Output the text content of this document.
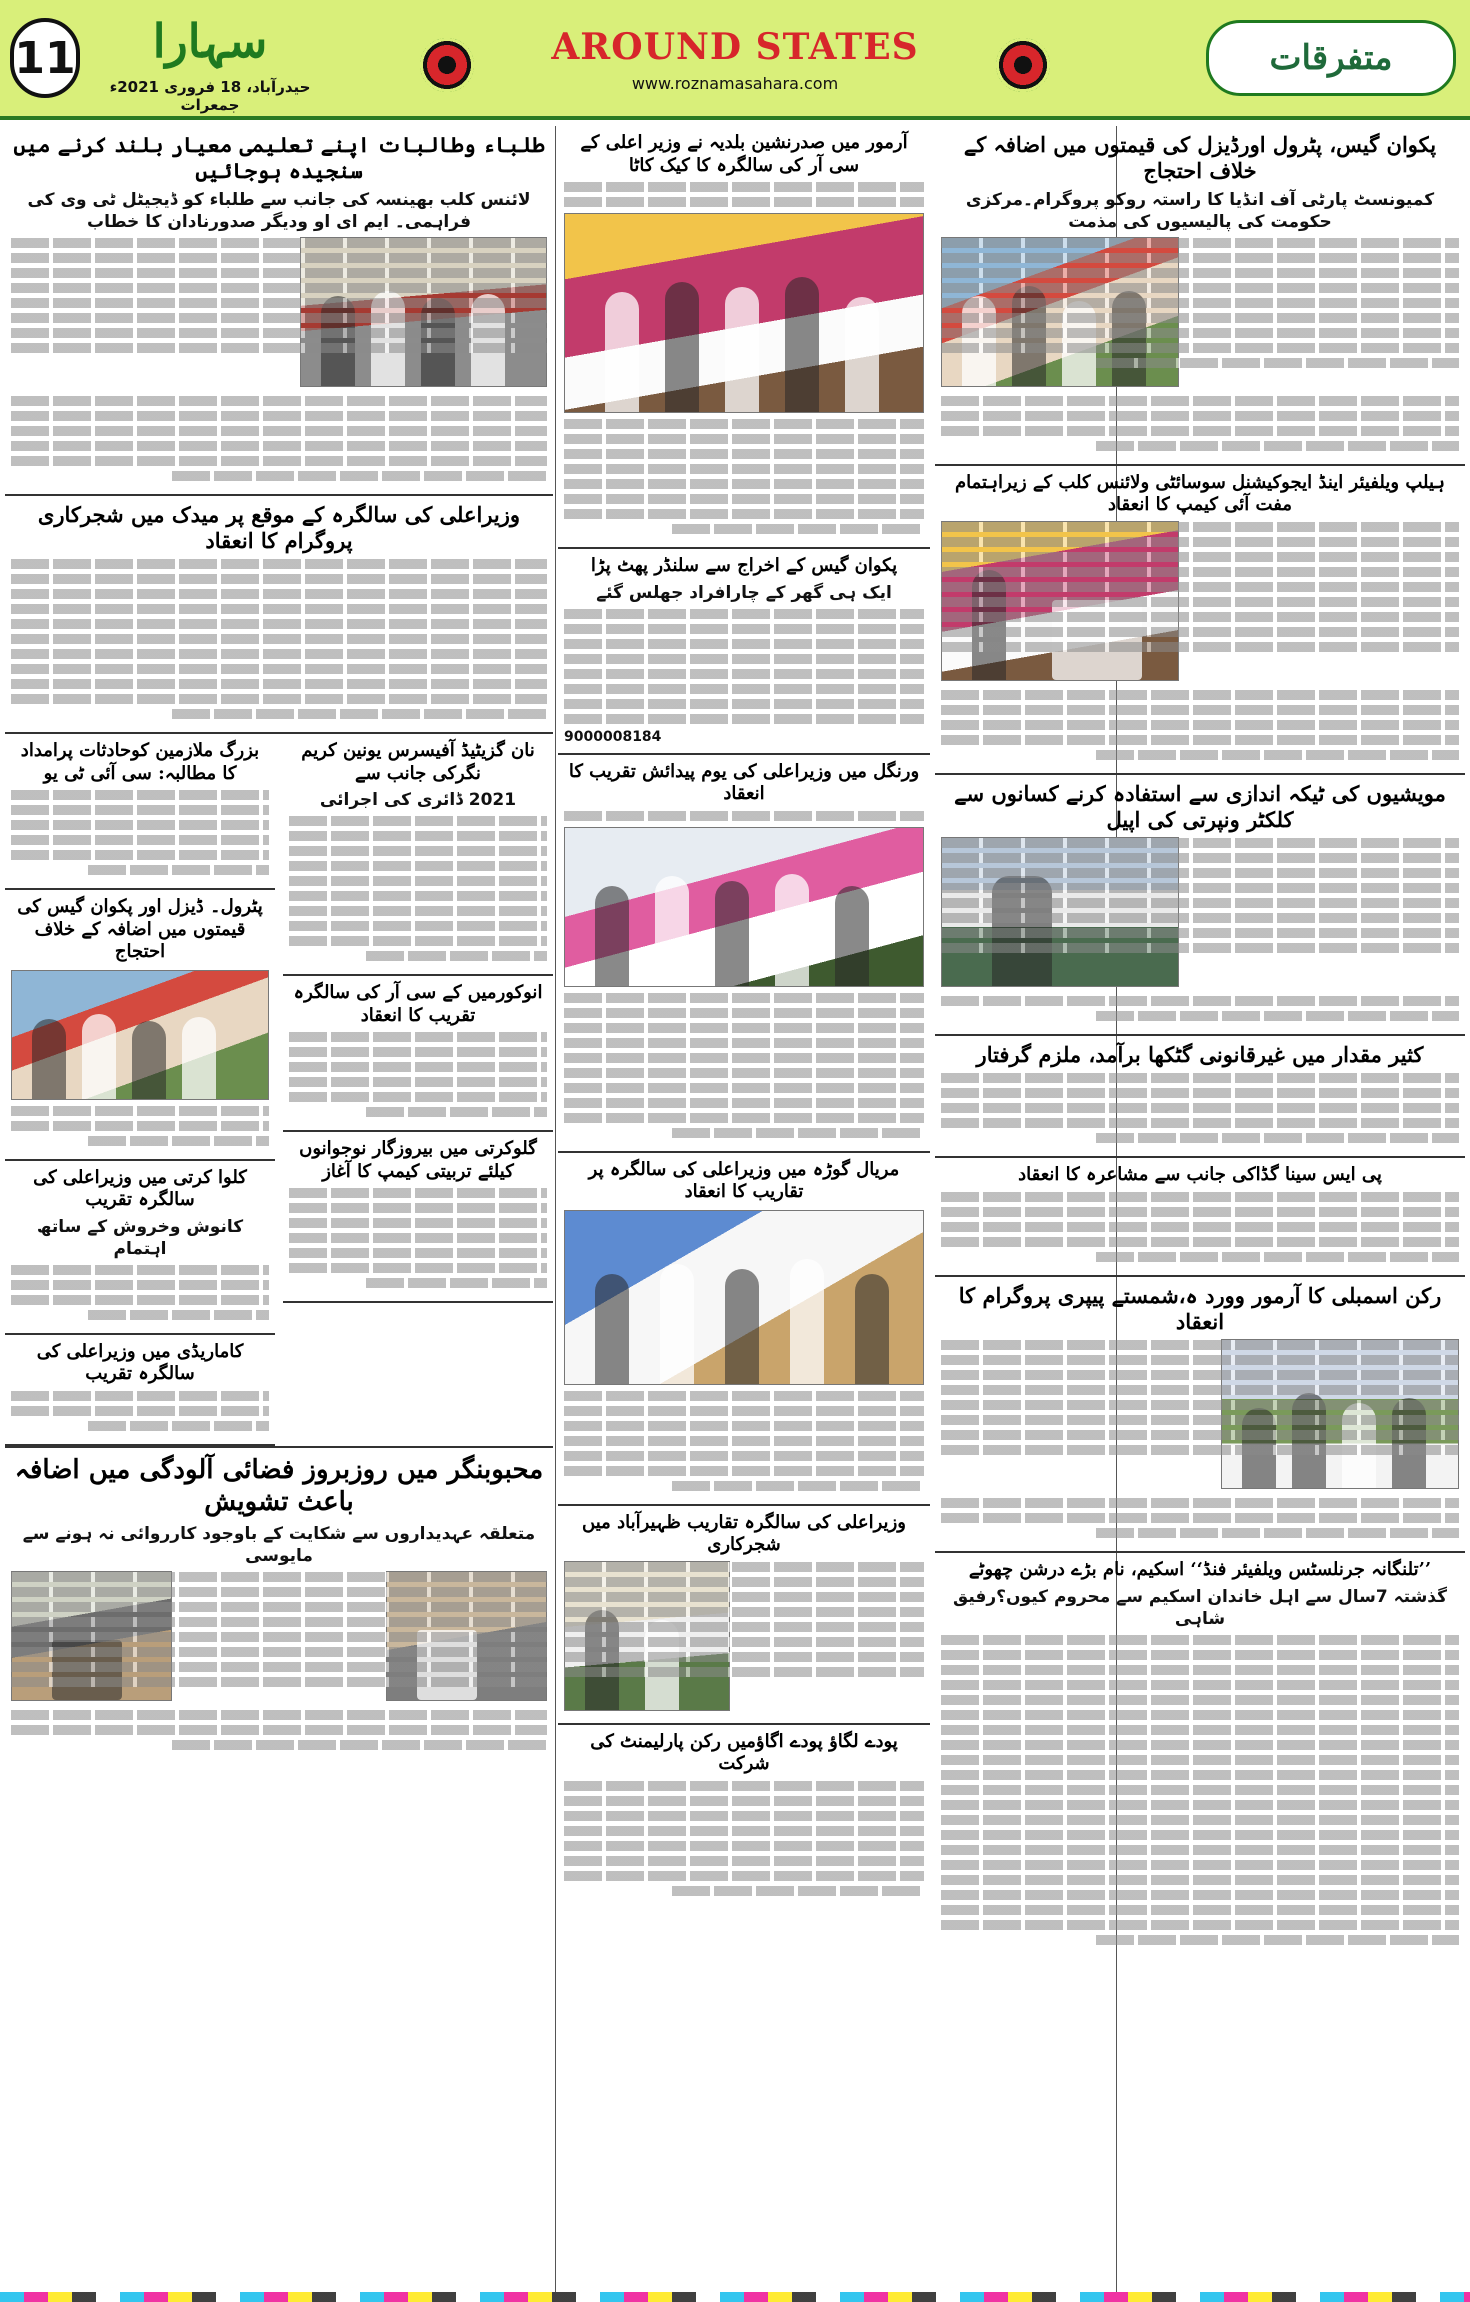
11	سہارا
حیدرآباد، 18 فروری 2021ء جمعرات
AROUND STATES
www.roznamasahara.com
متفرقات
پکوان گیس، پٹرول اورڈیزل کی قیمتوں میں اضافہ کے خلاف احتجاج
کمیونسٹ پارٹی آف انڈیا کا راستہ روکو پروگرام۔مرکزی حکومت کی پالیسیوں کی مذمت
ہیلپ ویلفیئر اینڈ ایجوکیشنل سوسائٹی ولائنس کلب کے زیراہتمام مفت آئی کیمپ کا انعقاد
مویشیوں کی ٹیکہ اندازی سے استفادہ کرنے کسانوں سے کلکٹر ونپرتی کی اپیل
کثیر مقدار میں غیرقانونی گٹکھا برآمد، ملزم گرفتار
پی ایس سینا گڈاکی جانب سے مشاعرہ کا انعقاد
رکن اسمبلی کا آرمور وورد ہ،شمستے پیپری پروگرام کا انعقاد
’’تلنگانہ جرنلسٹس ویلفیئر فنڈ‘‘ اسکیم، نام بڑے درشن چھوٹے
گذشتہ 7سال سے اہل خاندان اسکیم سے محروم کیوں؟رفیق شاہی
آرمور میں صدرنشین بلدیہ نے وزیر اعلی کے سی آر کی سالگرہ کا کیک کاٹا
پکوان گیس کے اخراج سے سلنڈر پھٹ پڑا
ایک ہی گھر کے چارافراد جھلس گئے
9000008184
ورنگل میں وزیراعلی کی یوم پیدائش تقریب کا انعقاد
مریال گوڑہ میں وزیراعلی کی سالگرہ پر تقاریب کا انعقاد
وزیراعلی کی سالگرہ تقاریب ظہیرآباد میں شجرکاری
پودے لگاؤ پودے اگاؤمیں رکن پارلیمنٹ کی شرکت
طلباء وطالبات اپنے تعلیمی معیار بلند کرنے میں سنجیدہ ہوجائیں
لائنس کلب بھینسہ کی جانب سے طلباء کو ڈیجیٹل ٹی وی کی فراہمی۔ ایم ای او ودیگر صدورنادان کا خطاب
وزیراعلی کی سالگرہ کے موقع پر میدک میں شجرکاری پروگرام کا انعقاد
نان گزیٹیڈ آفیسرس یونین کریم نگرکی جانب سے
2021 ڈائری کی اجرائی
انوکورمیں کے سی آر کی سالگرہ تقریب کا انعقاد
گلوکرتی میں بیروزگار نوجوانوں کیلئے تربیتی کیمپ کا آغاز
بزرگ ملازمین کوحادثات پرامداد کا مطالبہ: سی آئی ٹی یو
پٹرول۔ ڈیزل اور پکوان گیس کی قیمتوں میں اضافہ کے خلاف احتجاج
کلوا کرتی میں وزیراعلی کی سالگرہ تقریب
کانوش وخروش کے ساتھ اہتمام
کاماریڈی میں وزیراعلی کی سالگرہ تقریب
محبوبنگر میں روزبروز فضائی آلودگی میں اضافہ باعث تشویش
متعلقہ عہدیداروں سے شکایت کے باوجود کارروائی نہ ہونے سے مایوسی
